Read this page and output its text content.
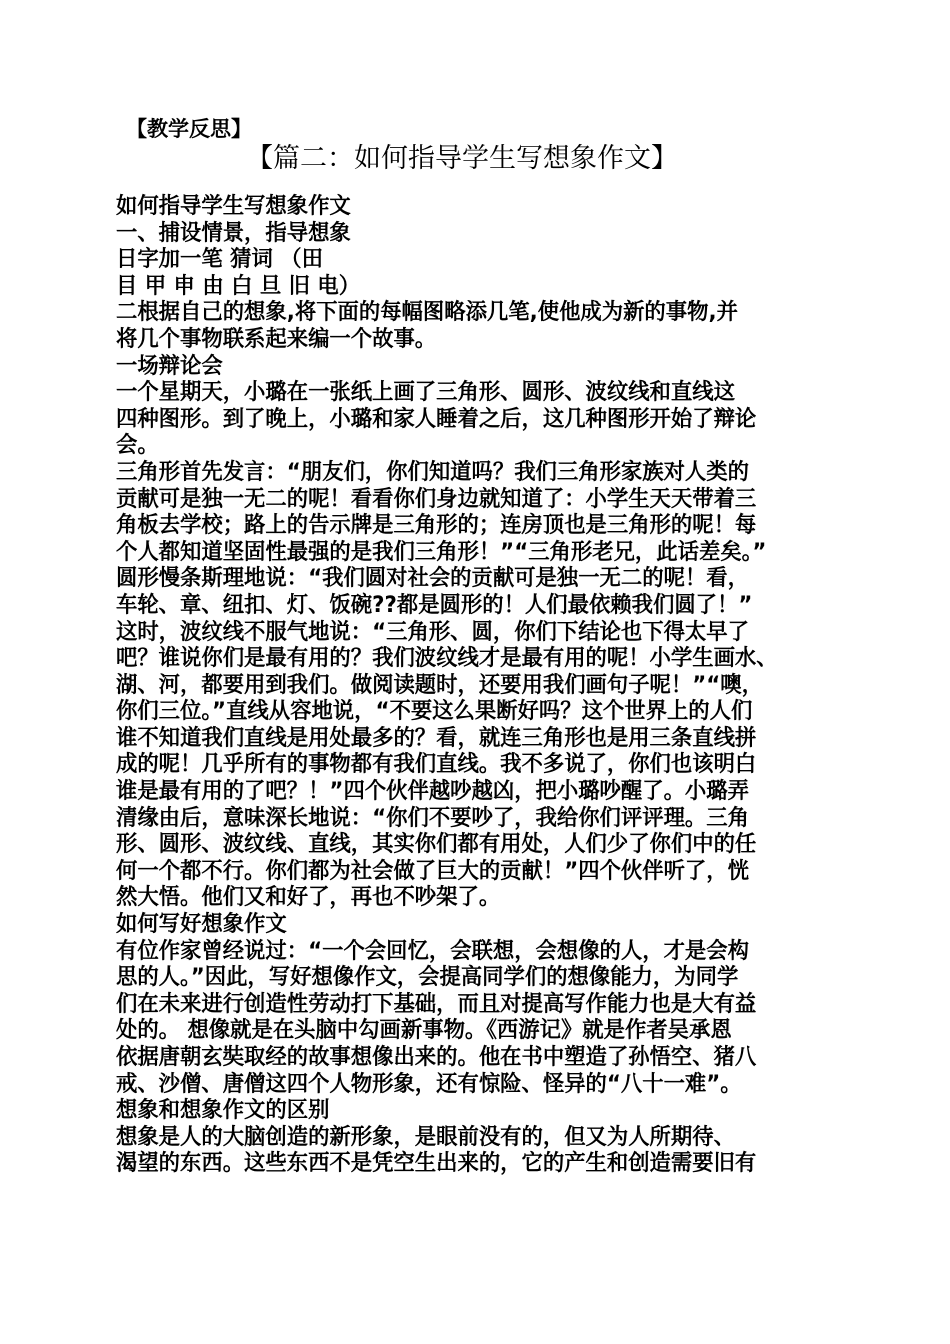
【教学反思】
【篇二：如何指导学生写想象作文】
如何指导学生写想象作文
一、捕设情景，指导想象
日字加一笔 猜词 （田
目 甲 申 由 白 旦 旧 电）
二根据自己的想象,将下面的每幅图略添几笔,使他成为新的事物,并
将几个事物联系起来编一个故事。
一场辩论会
一个星期天，小璐在一张纸上画了三角形、圆形、波纹线和直线这
四种图形。到了晚上，小璐和家人睡着之后，这几种图形开始了辩论
会。
三角形首先发言：“朋友们，你们知道吗？我们三角形家族对人类的
贡献可是独一无二的呢！看看你们身边就知道了：小学生天天带着三
角板去学校；路上的告示牌是三角形的；连房顶也是三角形的呢！每
个人都知道坚固性最强的是我们三角形！”“三角形老兄，此话差矣。”
圆形慢条斯理地说：“我们圆对社会的贡献可是独一无二的呢！看，
车轮、章、纽扣、灯、饭碗??都是圆形的！人们最依赖我们圆了！”
这时，波纹线不服气地说：“三角形、圆，你们下结论也下得太早了
吧？谁说你们是最有用的？我们波纹线才是最有用的呢！小学生画水、
湖、河，都要用到我们。做阅读题时，还要用我们画句子呢！”“噢，
你们三位。”直线从容地说，“不要这么果断好吗？这个世界上的人们
谁不知道我们直线是用处最多的？看，就连三角形也是用三条直线拼
成的呢！几乎所有的事物都有我们直线。我不多说了，你们也该明白
谁是最有用的了吧？！”四个伙伴越吵越凶，把小璐吵醒了。小璐弄
清缘由后，意味深长地说：“你们不要吵了，我给你们评评理。三角
形、圆形、波纹线、直线，其实你们都有用处，人们少了你们中的任
何一个都不行。你们都为社会做了巨大的贡献！”四个伙伴听了，恍
然大悟。他们又和好了，再也不吵架了。
如何写好想象作文
有位作家曾经说过：“一个会回忆，会联想，会想像的人，才是会构
思的人。”因此，写好想像作文，会提高同学们的想像能力，为同学
们在未来进行创造性劳动打下基础，而且对提高写作能力也是大有益
处的。 想像就是在头脑中勾画新事物。《西游记》就是作者吴承恩
依据唐朝玄奘取经的故事想像出来的。他在书中塑造了孙悟空、猪八
戒、沙僧、唐僧这四个人物形象，还有惊险、怪异的“八十一难”。
想象和想象作文的区别
想象是人的大脑创造的新形象，是眼前没有的，但又为人所期待、
渴望的东西。这些东西不是凭空生出来的，它的产生和创造需要旧有
